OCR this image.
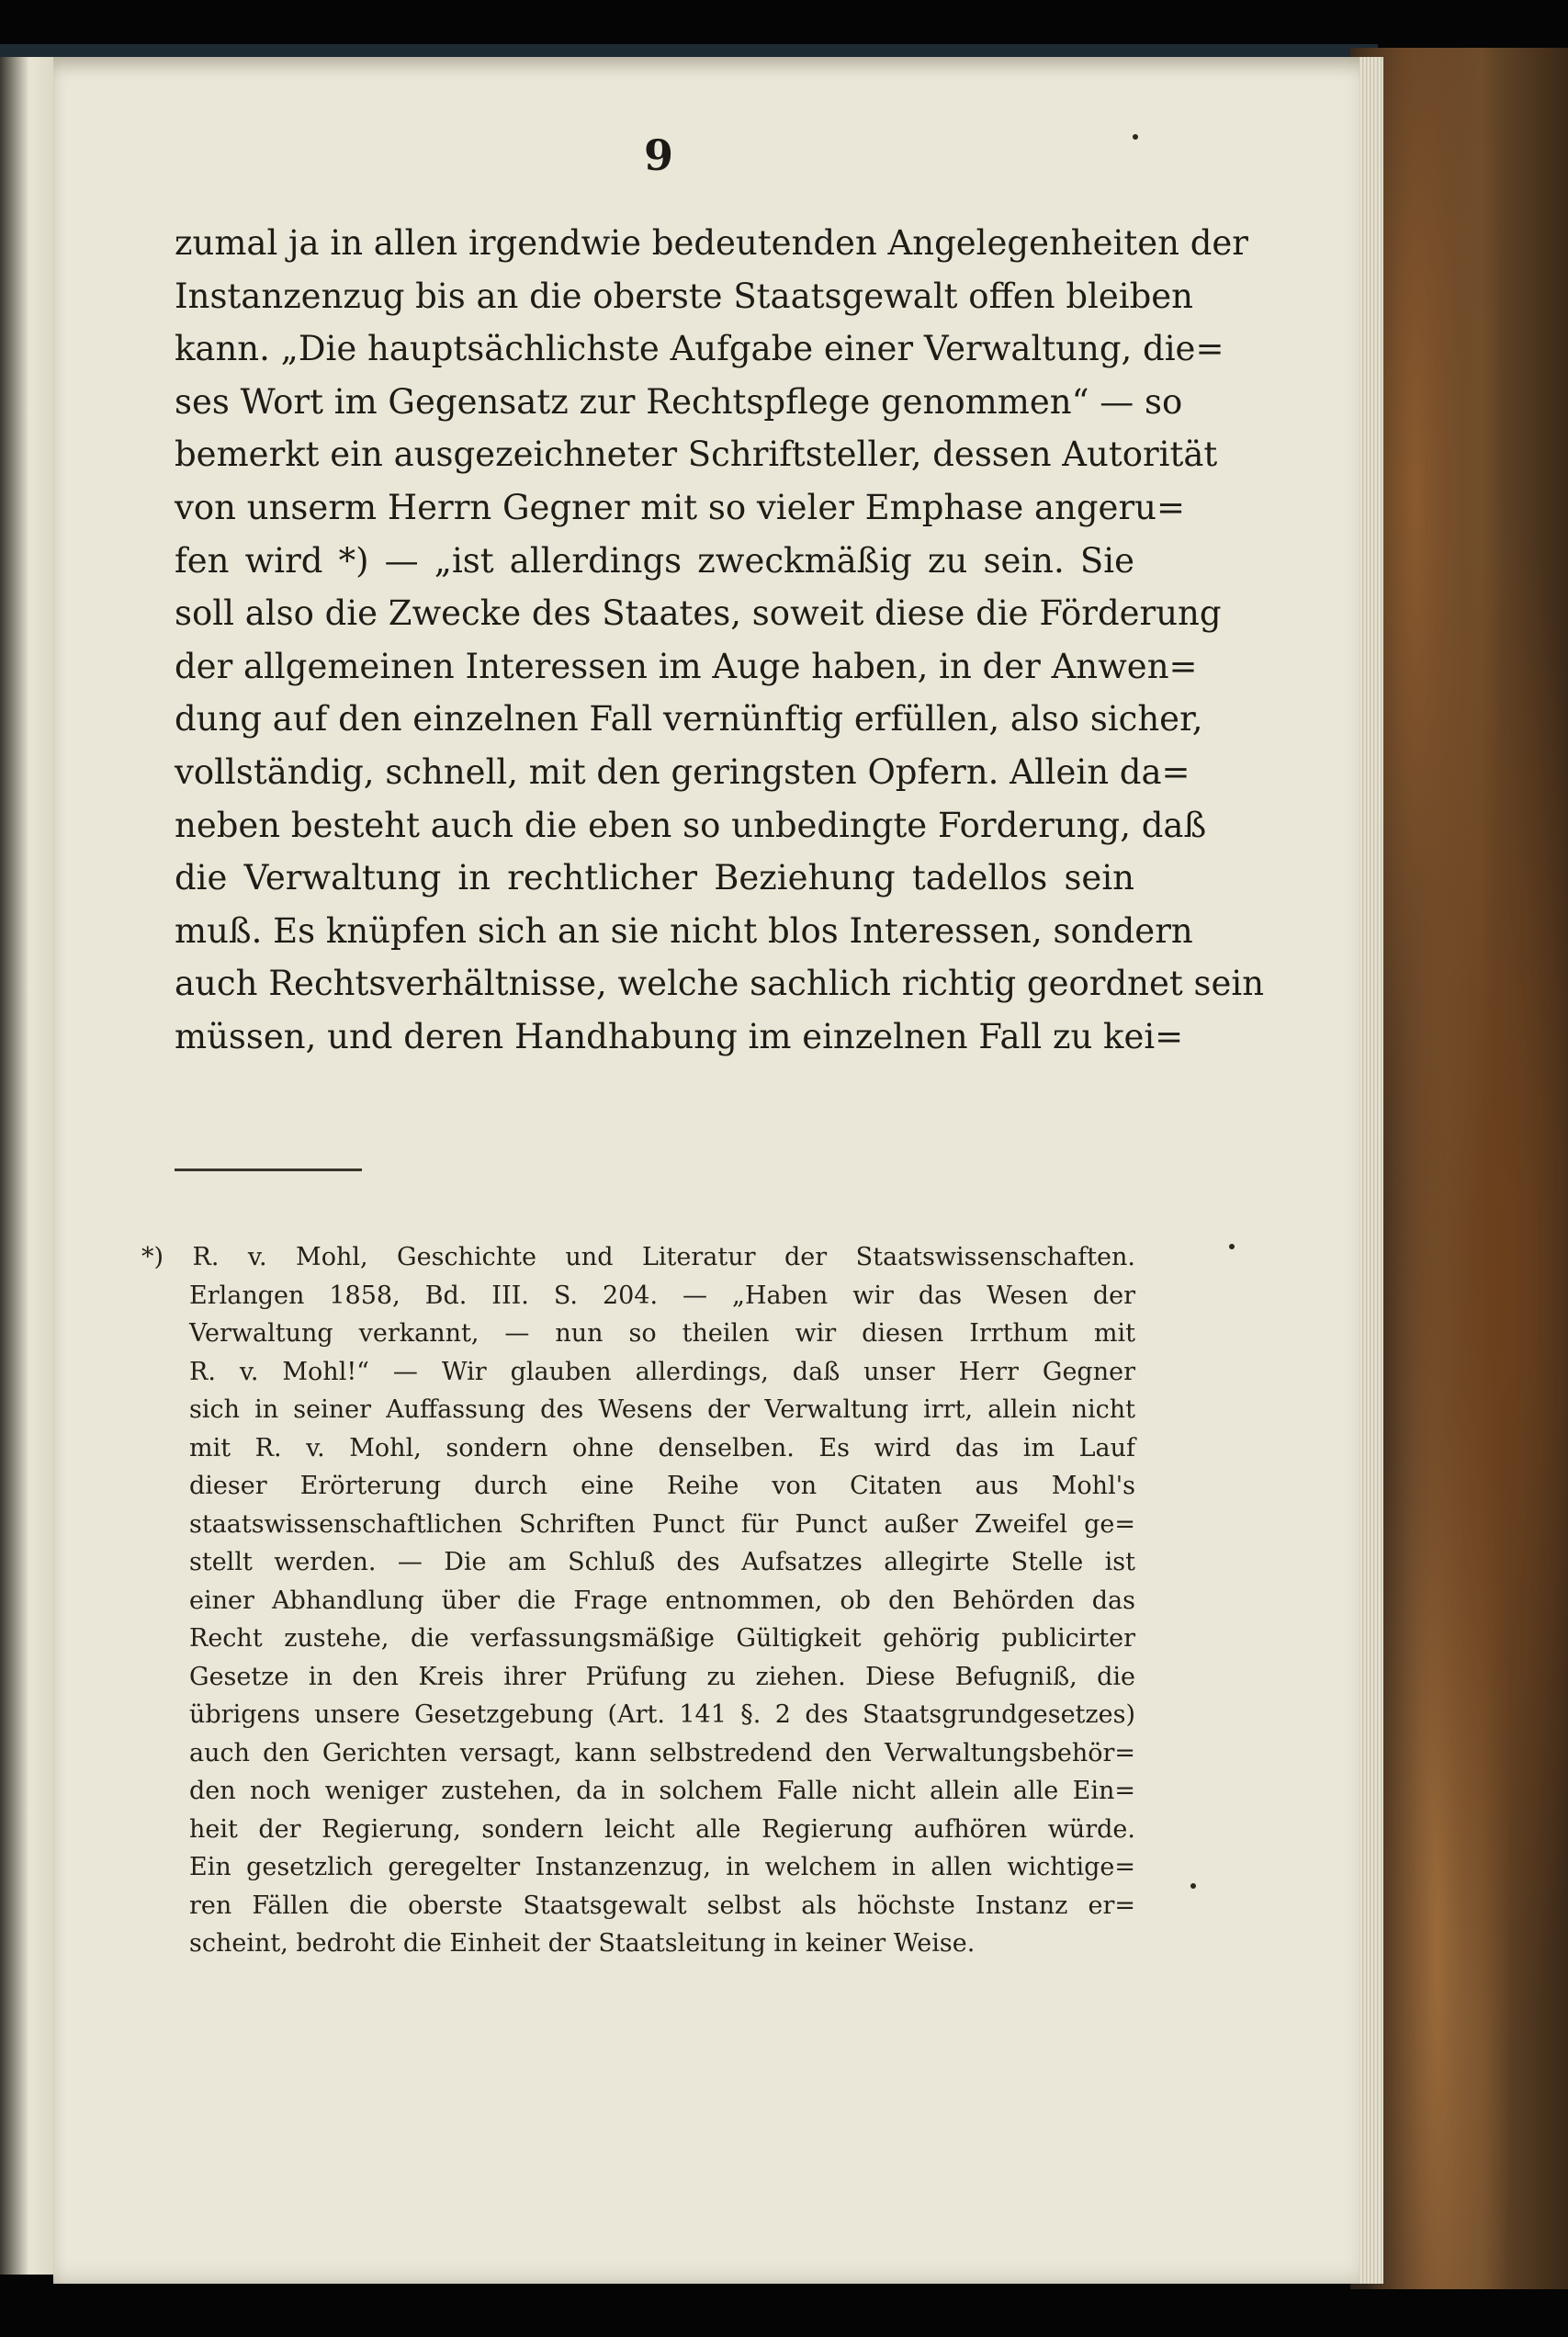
9
zumal ja in allen irgendwie bedeutenden Angelegenheiten der
Instanzenzug bis an die oberste Staatsgewalt offen bleiben
kann. „Die hauptsächlichste Aufgabe einer Verwaltung, die=
ses Wort im Gegensatz zur Rechtspflege genommen“ — so
bemerkt ein ausgezeichneter Schriftsteller, dessen Autorität
von unserm Herrn Gegner mit so vieler Emphase angeru=
fen wird *) — „ist allerdings zweckmäßig zu sein. Sie
soll also die Zwecke des Staates, soweit diese die Förderung
der allgemeinen Interessen im Auge haben, in der Anwen=
dung auf den einzelnen Fall vernünftig erfüllen, also sicher,
vollständig, schnell, mit den geringsten Opfern. Allein da=
neben besteht auch die eben so unbedingte Forderung, daß
die Verwaltung in rechtlicher Beziehung tadellos sein
muß. Es knüpfen sich an sie nicht blos Interessen, sondern
auch Rechtsverhältnisse, welche sachlich richtig geordnet sein
müssen, und deren Handhabung im einzelnen Fall zu kei=
*) R. v. Mohl, Geschichte und Literatur der Staatswissenschaften.
Erlangen 1858, Bd. III. S. 204. — „Haben wir das Wesen der
Verwaltung verkannt, — nun so theilen wir diesen Irrthum mit
R. v. Mohl!“ — Wir glauben allerdings, daß unser Herr Gegner
sich in seiner Auffassung des Wesens der Verwaltung irrt, allein nicht
mit R. v. Mohl, sondern ohne denselben. Es wird das im Lauf
dieser Erörterung durch eine Reihe von Citaten aus Mohl's
staatswissenschaftlichen Schriften Punct für Punct außer Zweifel ge=
stellt werden. — Die am Schluß des Aufsatzes allegirte Stelle ist
einer Abhandlung über die Frage entnommen, ob den Behörden das
Recht zustehe, die verfassungsmäßige Gültigkeit gehörig publicirter
Gesetze in den Kreis ihrer Prüfung zu ziehen. Diese Befugniß, die
übrigens unsere Gesetzgebung (Art. 141 §. 2 des Staatsgrundgesetzes)
auch den Gerichten versagt, kann selbstredend den Verwaltungsbehör=
den noch weniger zustehen, da in solchem Falle nicht allein alle Ein=
heit der Regierung, sondern leicht alle Regierung aufhören würde.
Ein gesetzlich geregelter Instanzenzug, in welchem in allen wichtige=
ren Fällen die oberste Staatsgewalt selbst als höchste Instanz er=
scheint, bedroht die Einheit der Staatsleitung in keiner Weise.
